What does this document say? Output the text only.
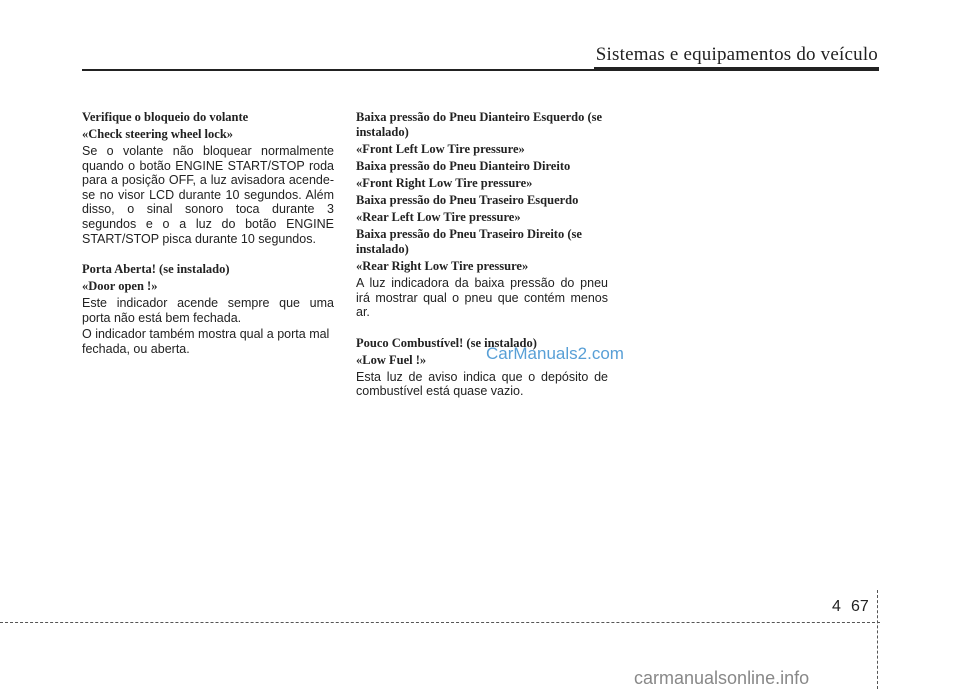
Sistemas e equipamentos do veículo
Verifique o bloqueio do volante
«Check steering wheel lock»
Se o volante não bloquear normalmente quando o botão ENGINE START/STOP roda para a posição OFF, a luz avisadora acende-se no visor LCD durante 10 segundos. Além disso, o sinal sonoro toca durante 3 segundos e o a luz do botão ENGINE START/STOP pisca durante 10 segundos.
Porta Aberta! (se instalado)
«Door open !»
Este indicador acende sempre que uma porta não está bem fechada.
O indicador também mostra qual a porta mal fechada, ou aberta.
Baixa pressão do Pneu Dianteiro Esquerdo (se instalado)
«Front Left Low Tire pressure»
Baixa pressão do Pneu Dianteiro Direito
«Front Right Low Tire pressure»
Baixa pressão do Pneu Traseiro Esquerdo
«Rear Left Low Tire pressure»
Baixa pressão do Pneu Traseiro Direito (se instalado)
«Rear Right Low Tire pressure»
A luz indicadora da baixa pressão do pneu irá mostrar qual o pneu que contém menos ar.
Pouco Combustível! (se instalado)
«Low Fuel !»
Esta luz de aviso indica que o depósito de combustível está quase vazio.
CarManuals2.com
4 67
carmanualsonline.info
